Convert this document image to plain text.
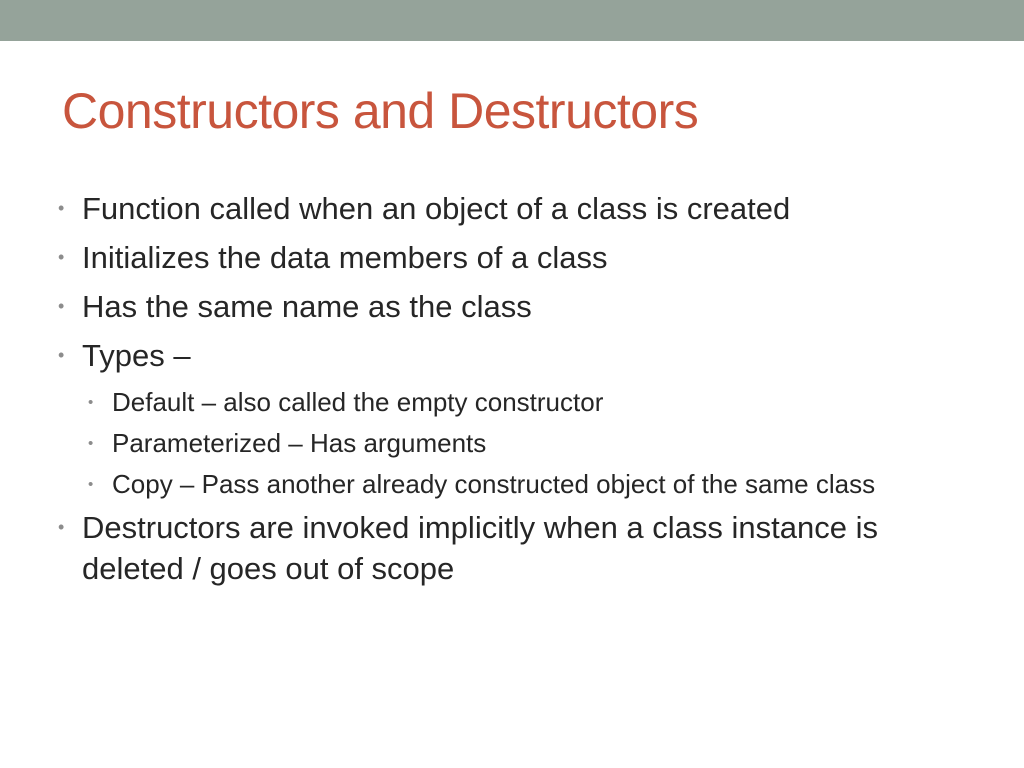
Constructors and Destructors
• Function called when an object of a class is created
• Initializes the data members of a class
• Has the same name as the class
• Types –
• Default – also called the empty constructor
• Parameterized – Has arguments
• Copy – Pass another already constructed object of the same class
• Destructors are invoked implicitly when a class instance is deleted / goes out of scope
